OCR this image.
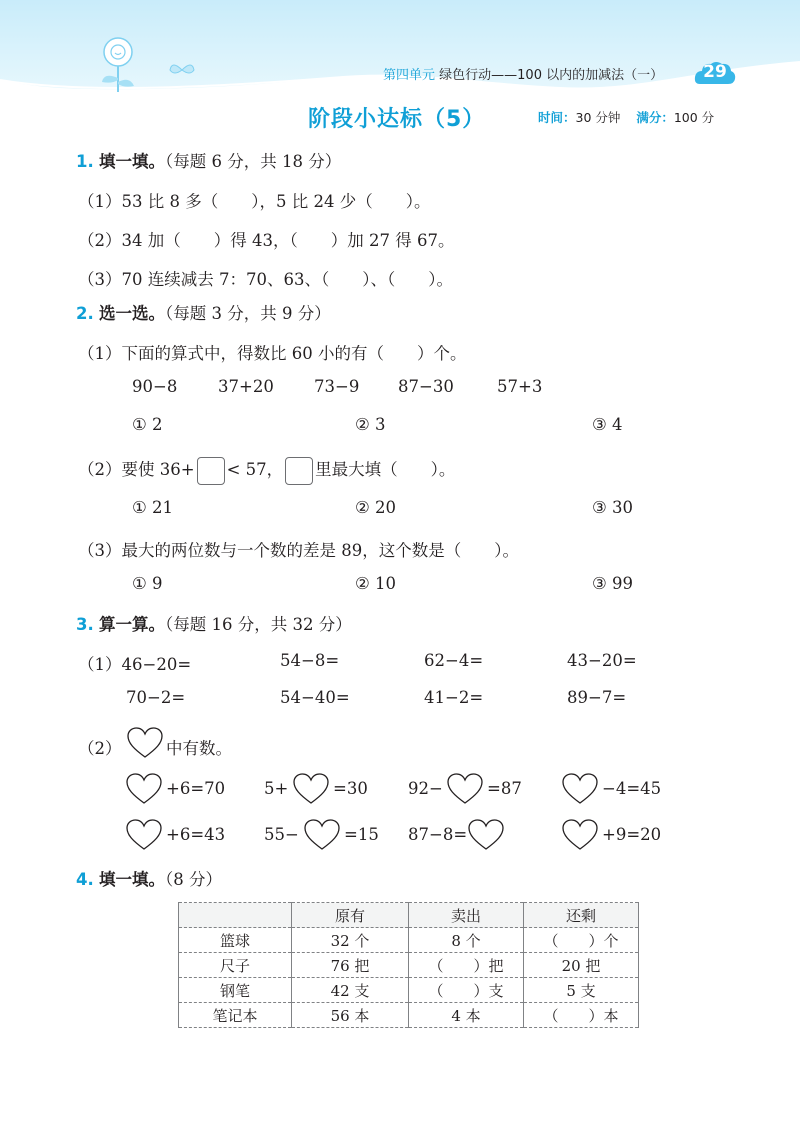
第四单元 绿色行动——100 以内的加减法（一）	29
阶段小达标（5）	时间：30 分钟 满分：100 分
1. 填一填。（每题 6 分，共 18 分）
（1）53 比 8 多（　　），5 比 24 少（　　）。
（2）34 加（　　）得 43，（　　）加 27 得 67。
（3）70 连续减去 7：70、63、（　　）、（　　）。
2. 选一选。（每题 3 分，共 9 分）
（1）下面的算式中，得数比 60 小的有（　　）个。
90−8 37+20 73−9 87−30	57+3
① 2	② 3	③ 4
（2）要使 36+ < 57， 里最大填（　　）。
① 21	② 20	③ 30
（3）最大的两位数与一个数的差是 89，这个数是（　　）。
① 9	② 10	③ 99
3. 算一算。（每题 16 分，共 32 分）
（1）46−20=	54−8=	62−4=	43−20=
70−2=	54−40=	41−2=	89−7=
（2）	中有数。
+6=70 5+	=30 92−	=87	−4=45
+6=43 55−	=15 87−8=	+9=20
4. 填一填。（8 分）
	原有	卖出	还剩
篮球	32 个	8 个	（　　）个
尺子	76 把	（　　）把	20 把
钢笔	42 支	（　　）支	5 支
笔记本	56 本	4 本	（　　）本
